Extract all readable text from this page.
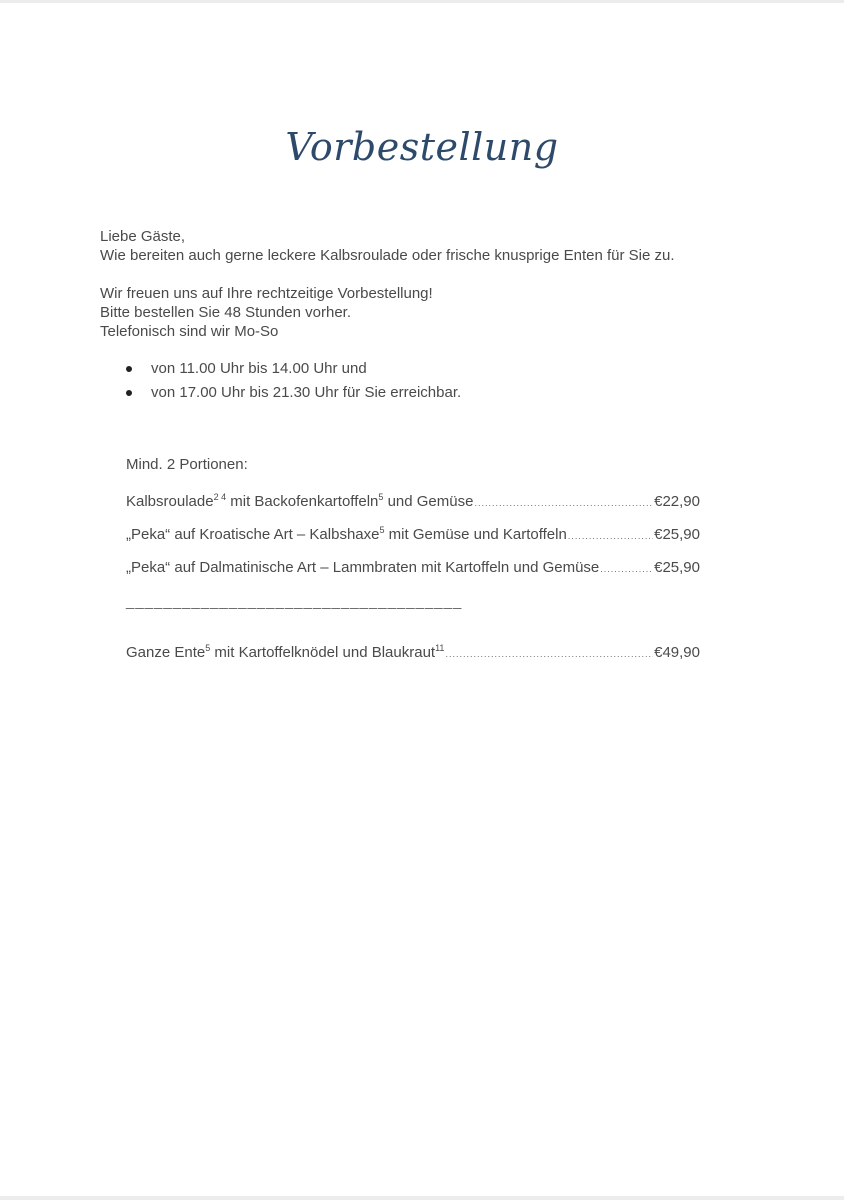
Vorbestellung

Liebe Gäste,

Wie bereiten auch gerne leckere Kalbsroulade oder frische knusprige Enten für Sie zu.

Wir freuen uns auf Ihre rechtzeitige Vorbestellung!

Bitte bestellen Sie 48 Stunden vorher.

Telefonisch sind wir Mo-So

von 11.00 Uhr bis 14.00 Uhr und
von 17.00 Uhr bis 21.30 Uhr für Sie erreichbar.
Mind. 2 Portionen:
Kalbsroulade$^{2 4}$ mit Backofenkartoffeln$^5$ und Gemüse .....	€22,90
„Peka“ auf Kroatische Art – Kalbshaxe$^5$ mit Gemüse und Kartoffeln .....	€25,90
„Peka“ auf Dalmatinische Art – Lammbraten mit Kartoffeln und Gemüse .....	€25,90
Ganze Ente$^5$ mit Kartoffelknödel und Blaukraut$^{11}$ .....	€49,90
____________________________________
